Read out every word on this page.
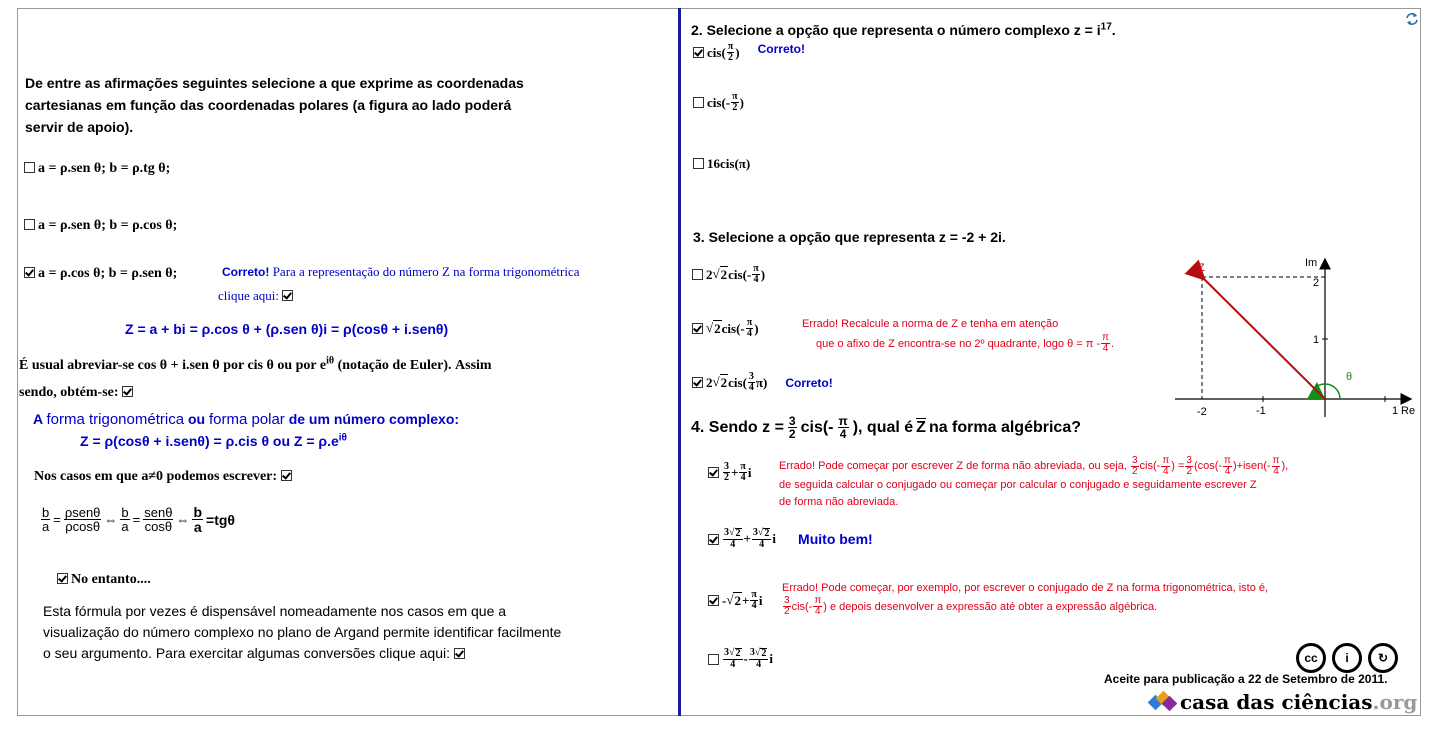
De entre as afirmações seguintes selecione a que exprime as coordenadas
cartesianas em função das coordenadas polares (a figura ao lado poderá
servir de apoio).
a = ρ.sen θ; b = ρ.tg θ;
a = ρ.sen θ; b = ρ.cos θ;
a = ρ.cos θ; b = ρ.sen θ;	Correto! Para a representação do número Z na forma trigonométrica
clique aqui:
Z = a + bi = ρ.cos θ + (ρ.sen θ)i = ρ(cosθ + i.senθ)
É usual abreviar-se cos θ + i.sen θ por cis θ ou por $e^{i\theta}$ (notação de Euler). Assim
sendo, obtém-se:
A forma trigonométrica ou forma polar de um número complexo:
Z = ρ(cosθ + i.senθ) = ρ.cis θ ou $Z = \rho.e^{i\theta}$
Nos casos em que a≠0 podemos escrever:
$\frac{b}{a} = \frac{\text{ρsenθ}}{\rho\cos\theta}$ ⇔ $\frac{b}{a} = \frac{\text{senθ}}{\cos\theta}$ ⇔ $\frac{b}{a} =tg\theta$
No entanto....
Esta fórmula por vezes é dispensável nomeadamente nos casos em que a
visualização do número complexo no plano de Argand permite identificar facilmente
o seu argumento. Para exercitar algumas conversões clique aqui:
2. Selecione a opção que representa o número complexo $z = i^{17}$.
$cis( \frac{\pi}{2}$ ) Correto!
$cis(- \frac{\pi}{2}$ )
16cis(π)
3. Selecione a opção que representa z = -2 + 2i.
2 √ 2 $cis(- \frac{\pi}{4}$ )
√ 2 $cis(- \frac{\pi}{4}$ )	Errado! Recalcule a norma de Z e tenha em atenção
que o afixo de Z encontra-se no 2º quadrante, logo $\theta = \pi - \frac{\pi}{4}$ .
2 √ 2 $cis( \frac{3}{4} \pi)$ Correto!
Z	Im
Re
θ
2
1
-2	-1	1
4. Sendo $z = \frac{3}{2} cis(- \frac{\pi}{4}$ ), qual é $\overline{Z}$ na forma algébrica?
$\frac{3}{2} + \frac{\pi}{4}$ i Errado! Pode começar por escrever Z de forma não abreviada, ou seja,
$\frac{3}{2} cis(- \frac{\pi}{4}$ ) = $\frac{3}{2} (\cos(- \frac{\pi}{4}$ )+isen(- $\frac{\pi}{4}$ ),
de seguida calcular o conjugado ou começar por calcular o conjugado e seguidamente escrever Z
de forma não abreviada.
$\frac{3√ 2}{4} + \frac{3√ 2}{4}$ i Muito bem!
- √ $2 + \frac{\pi}{4}$ i
Errado! Pode começar, por exemplo, por escrever o conjugado de Z na forma trigonométrica, isto é,
$\frac{3}{2} cis(- \frac{\pi}{4}$ ) e depois desenvolver a expressão até obter a expressão algébrica.
$\frac{3√ 2}{4} - \frac{3√ 2}{4}$ i	cc	i	↻
Aceite para publicação a 22 de Setembro de 2011.
casa das ciências.org
